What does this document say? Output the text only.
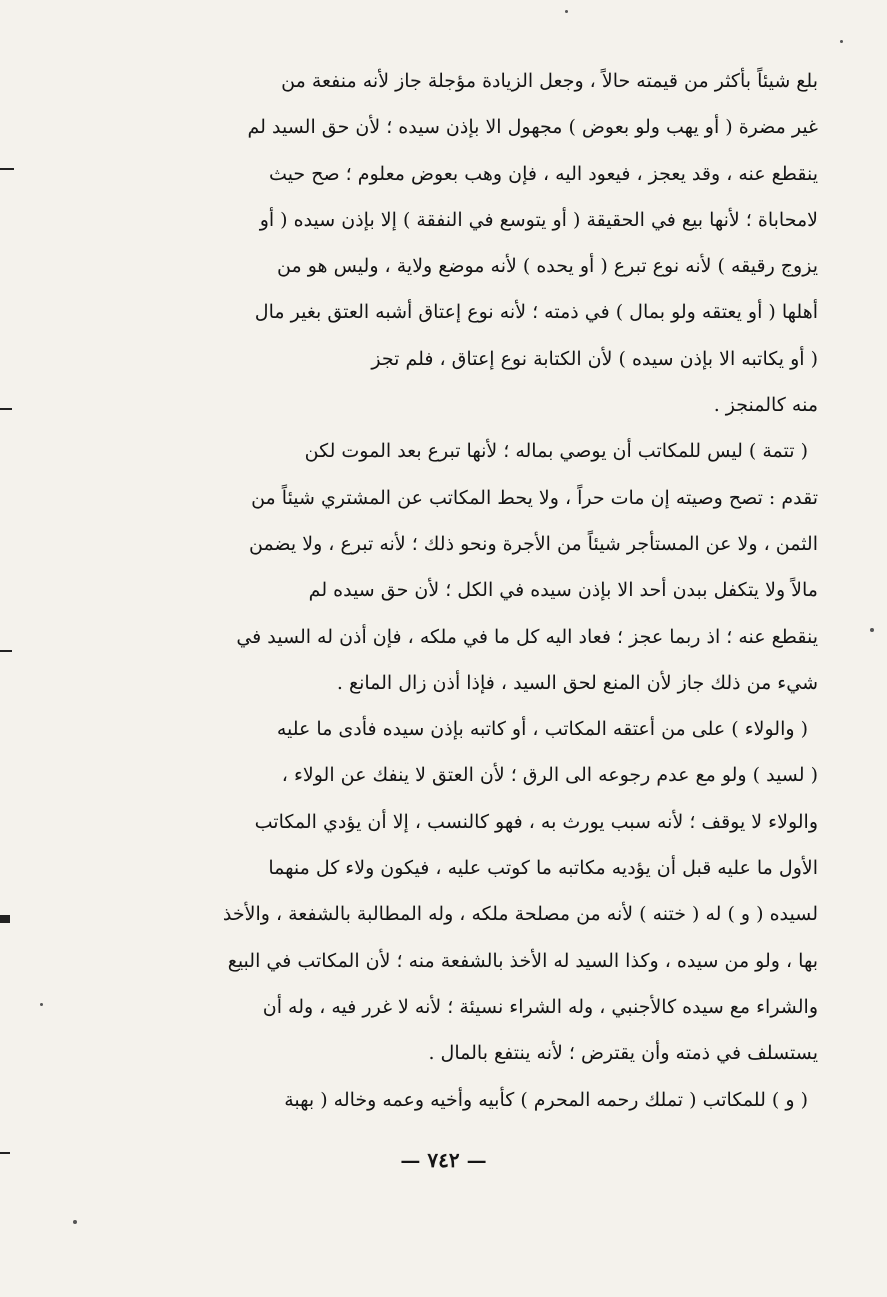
بلع شيئاً بأكثر من قيمته حالاً ، وجعل الزيادة مؤجلة جاز لأنه منفعة من
غير مضرة ( أو يهب ولو بعوض ) مجهول الا بإذن سيده ؛ لأن حق السيد لم
ينقطع عنه ، وقد يعجز ، فيعود اليه ، فإن وهب بعوض معلوم ؛ صح حيث
لامحاباة ؛ لأنها بيع في الحقيقة ( أو يتوسع في النفقة ) إلا بإذن سيده ( أو
يزوج رقيقه ) لأنه نوع تبرع ( أو يحده ) لأنه موضع ولاية ، وليس هو من
أهلها ( أو يعتقه ولو بمال ) في ذمته ؛ لأنه نوع إعتاق أشبه العتق بغير مال
( أو يكاتبه الا بإذن سيده ) لأن الكتابة نوع إعتاق ، فلم تجز
منه كالمنجز .
( تتمة ) ليس للمكاتب أن يوصي بماله ؛ لأنها تبرع بعد الموت لكن
تقدم : تصح وصيته إن مات حراً ، ولا يحط المكاتب عن المشتري شيئاً من
الثمن ، ولا عن المستأجر شيئاً من الأجرة ونحو ذلك ؛ لأنه تبرع ، ولا يضمن
مالاً ولا يتكفل ببدن أحد الا بإذن سيده في الكل ؛ لأن حق سيده لم
ينقطع عنه ؛ اذ ربما عجز ؛ فعاد اليه كل ما في ملكه ، فإن أذن له السيد في
شيء من ذلك جاز لأن المنع لحق السيد ، فإذا أذن زال المانع .
( والولاء ) على من أعتقه المكاتب ، أو كاتبه بإذن سيده فأدى ما عليه
( لسيد ) ولو مع عدم رجوعه الى الرق ؛ لأن العتق لا ينفك عن الولاء ،
والولاء لا يوقف ؛ لأنه سبب يورث به ، فهو كالنسب ، إلا أن يؤدي المكاتب
الأول ما عليه قبل أن يؤديه مكاتبه ما كوتب عليه ، فيكون ولاء كل منهما
لسيده ( و ) له ( ختنه ) لأنه من مصلحة ملكه ، وله المطالبة بالشفعة ، والأخذ
بها ، ولو من سيده ، وكذا السيد له الأخذ بالشفعة منه ؛ لأن المكاتب في البيع
والشراء مع سيده كالأجنبي ، وله الشراء نسيئة ؛ لأنه لا غرر فيه ، وله أن
يستسلف في ذمته وأن يقترض ؛ لأنه ينتفع بالمال .
( و ) للمكاتب ( تملك رحمه المحرم ) كأبيه وأخيه وعمه وخاله ( بهبة
— ٧٤٢ —
